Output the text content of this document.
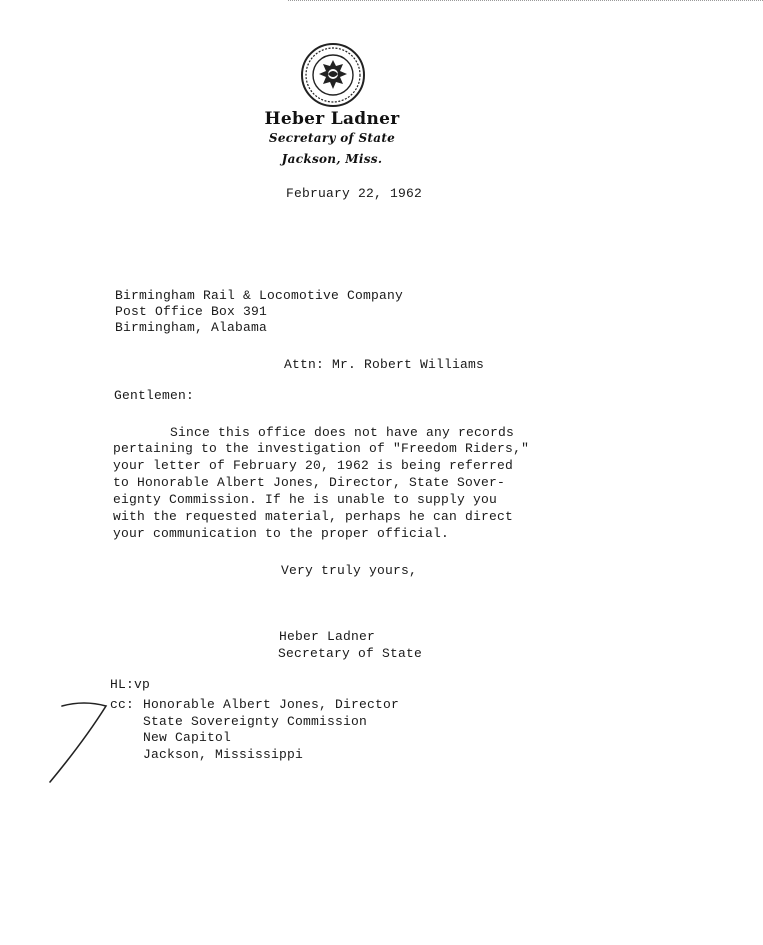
Heber Ladner
Secretary of State
Jackson, Miss.
February 22, 1962
Birmingham Rail & Locomotive Company
Post Office Box 391
Birmingham, Alabama
Attn: Mr. Robert Williams
Gentlemen:
Since this office does not have any records
pertaining to the investigation of "Freedom Riders,"
your letter of February 20, 1962 is being referred
to Honorable Albert Jones, Director, State Sover-
eignty Commission. If he is unable to supply you
with the requested material, perhaps he can direct
your communication to the proper official.
Very truly yours,
Heber Ladner
Secretary of State
HL:vp
cc: Honorable Albert Jones, Director
State Sovereignty Commission
New Capitol
Jackson, Mississippi
